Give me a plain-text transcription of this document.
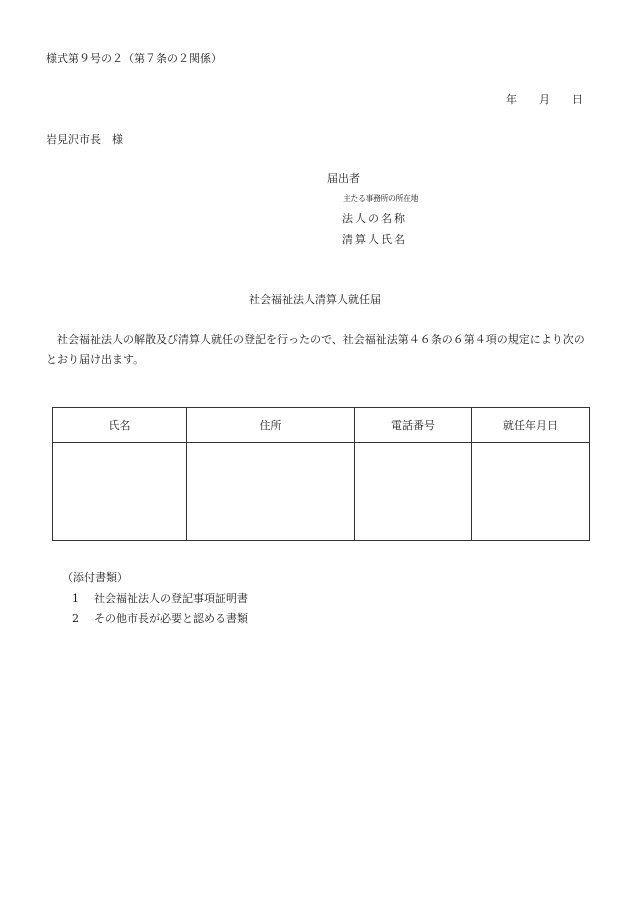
様式第９号の２（第７条の２関係）
年 月 日
岩見沢市長　様
届出者
主たる事務所の所在地
法人の名称
清算人氏名
社会福祉法人清算人就任届
社会福祉法人の解散及び清算人就任の登記を行ったので、社会福祉法第４６条の６第４項の規定により次のとおり届け出ます。
氏名	住所	電話番号	就任年月日

（添付書類）
1 社会福祉法人の登記事項証明書
2 その他市長が必要と認める書類
